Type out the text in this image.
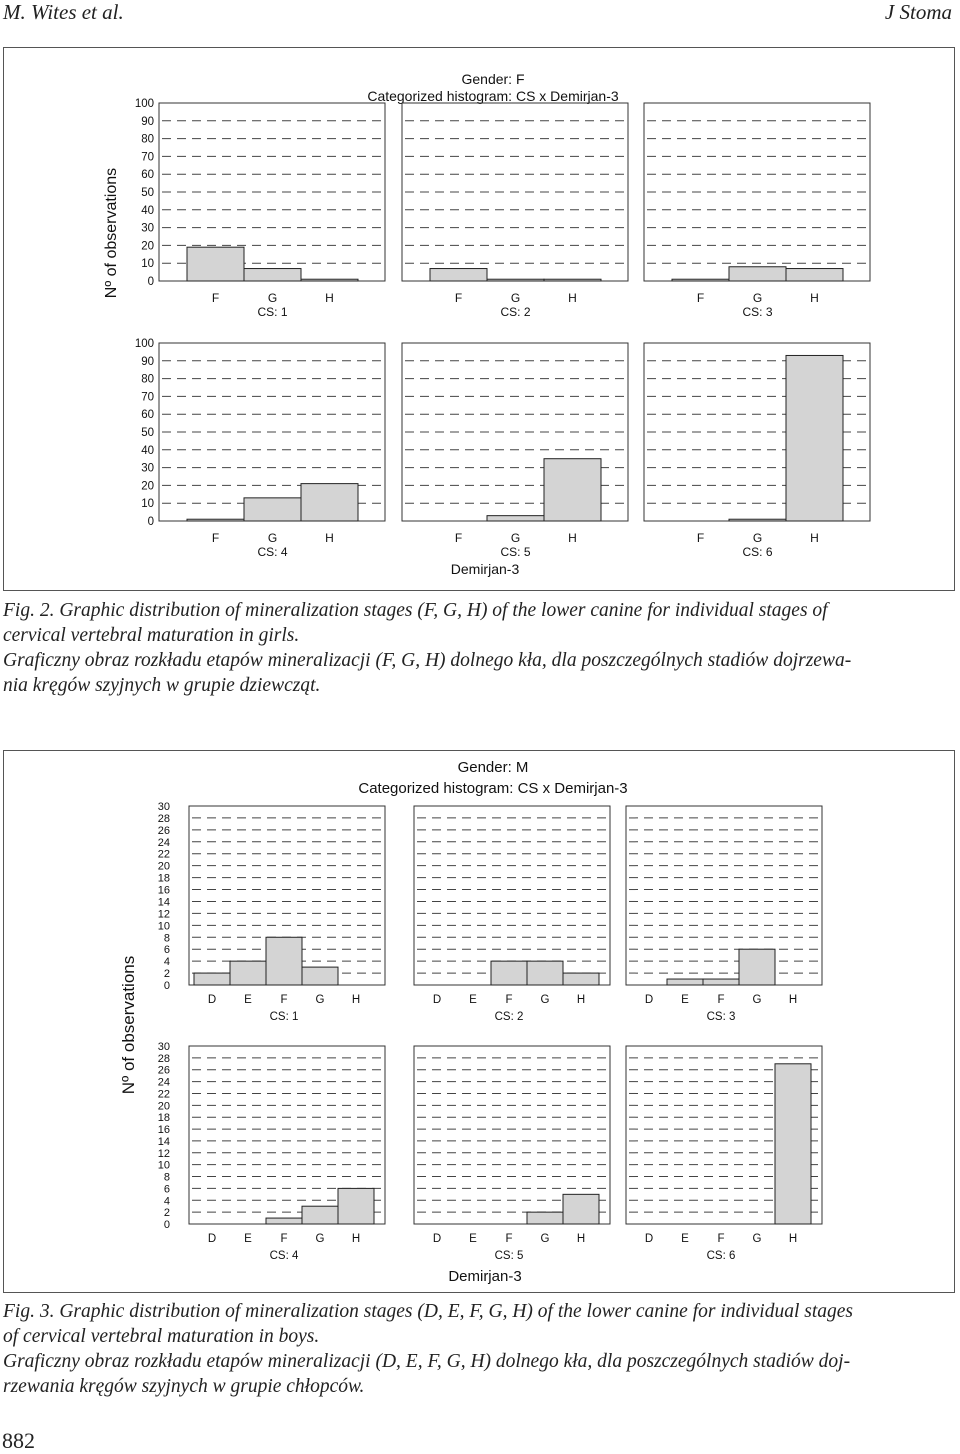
M. Wites et al.	J Stoma
Gender: F
Categorized histogram: CS x Demirjan-3
Demirjan-3
Nº of observations 0
10
20
30
40
50
60
70
80
90
100
F	G	H
CS: 1
F	G	H
CS: 2
F	G	H
CS: 3
0
10
20
30
40
50
60
70
80
90
100
F	G	H
CS: 4
F	G	H
CS: 5
F	G	H
CS: 6
Fig. 2. Graphic distribution of mineralization stages (F, G, H) of the lower canine for individual stages of
cervical vertebral maturation in girls.
Graficzny obraz rozkładu etapów mineralizacji (F, G, H) dolnego kła, dla poszczególnych stadiów dojrzewa-
nia kręgów szyjnych w grupie dziewcząt.
Gender: M
Categorized histogram: CS x Demirjan-3
Demirjan-3
Nº of observations 0
2
4
6
8
10
12
14
16
18
20
22
24
26
28
30
D E F G H
CS: 1
D E F G H
CS: 2
D E F G H
CS: 3
0
2
4
6
8
10
12
14
16
18
20
22
24
26
28
30
D E F G H
CS: 4
D E F G H
CS: 5
D E F G H
CS: 6
Fig. 3. Graphic distribution of mineralization stages (D, E, F, G, H) of the lower canine for individual stages
of cervical vertebral maturation in boys.
Graficzny obraz rozkładu etapów mineralizacji (D, E, F, G, H) dolnego kła, dla poszczególnych stadiów doj-
rzewania kręgów szyjnych w grupie chłopców.
882
